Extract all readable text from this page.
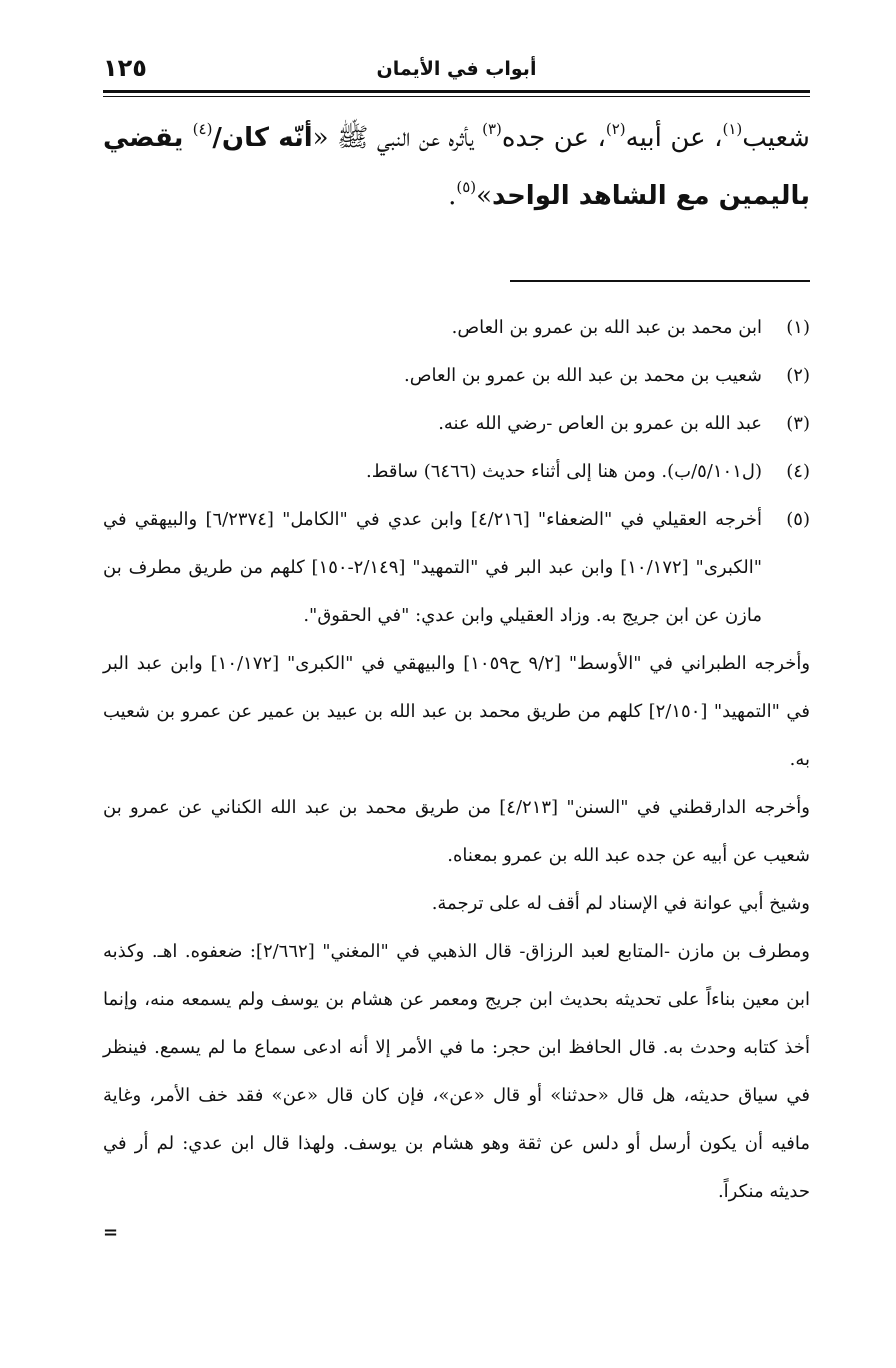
أبواب في الأيمان
١٢٥
شعيب$^{(١)}$، عن أبيه$^{(٢)}$، عن جده$^{(٣)}$ يأثره عن النبي ﷺ «أنّه كان/$^{(٤)}$ يقضي باليمين مع الشاهد الواحد»$^{(٥)}$.
(١)
ابن محمد بن عبد الله بن عمرو بن العاص.
(٢)
شعيب بن محمد بن عبد الله بن عمرو بن العاص.
(٣)
عبد الله بن عمرو بن العاص -رضي الله عنه.
(٤)
(ل٥/١٠١/ب). ومن هنا إلى أثناء حديث (٦٤٦٦) ساقط.
(٥)
أخرجه العقيلي في "الضعفاء" [٤/٢١٦] وابن عدي في "الكامل" [٦/٢٣٧٤] والبيهقي في "الكبرى" [١٠/١٧٢] وابن عبد البر في "التمهيد" [٢/١٤٩-١٥٠] كلهم من طريق مطرف بن مازن عن ابن جريج به. وزاد العقيلي وابن عدي: "في الحقوق".
وأخرجه الطبراني في "الأوسط" [٩/٢ ح١٠٥٩] والبيهقي في "الكبرى" [١٠/١٧٢] وابن عبد البر في "التمهيد" [٢/١٥٠] كلهم من طريق محمد بن عبد الله بن عبيد بن عمير عن عمرو بن شعيب به.
وأخرجه الدارقطني في "السنن" [٤/٢١٣] من طريق محمد بن عبد الله الكناني عن عمرو بن شعيب عن أبيه عن جده عبد الله بن عمرو بمعناه.
وشيخ أبي عوانة في الإسناد لم أقف له على ترجمة.
ومطرف بن مازن -المتابع لعبد الرزاق- قال الذهبي في "المغني" [٢/٦٦٢]: ضعفوه. اهـ. وكذبه ابن معين بناءاً على تحديثه بحديث ابن جريج ومعمر عن هشام بن يوسف ولم يسمعه منه، وإنما أخذ كتابه وحدث به. قال الحافظ ابن حجر: ما في الأمر إلا أنه ادعى سماع ما لم يسمع. فينظر في سياق حديثه، هل قال «حدثنا» أو قال «عن»، فإن كان قال «عن» فقد خف الأمر، وغاية مافيه أن يكون أرسل أو دلس عن ثقة وهو هشام بن يوسف. ولهذا قال ابن عدي: لم أر في حديثه منكراً.
=
